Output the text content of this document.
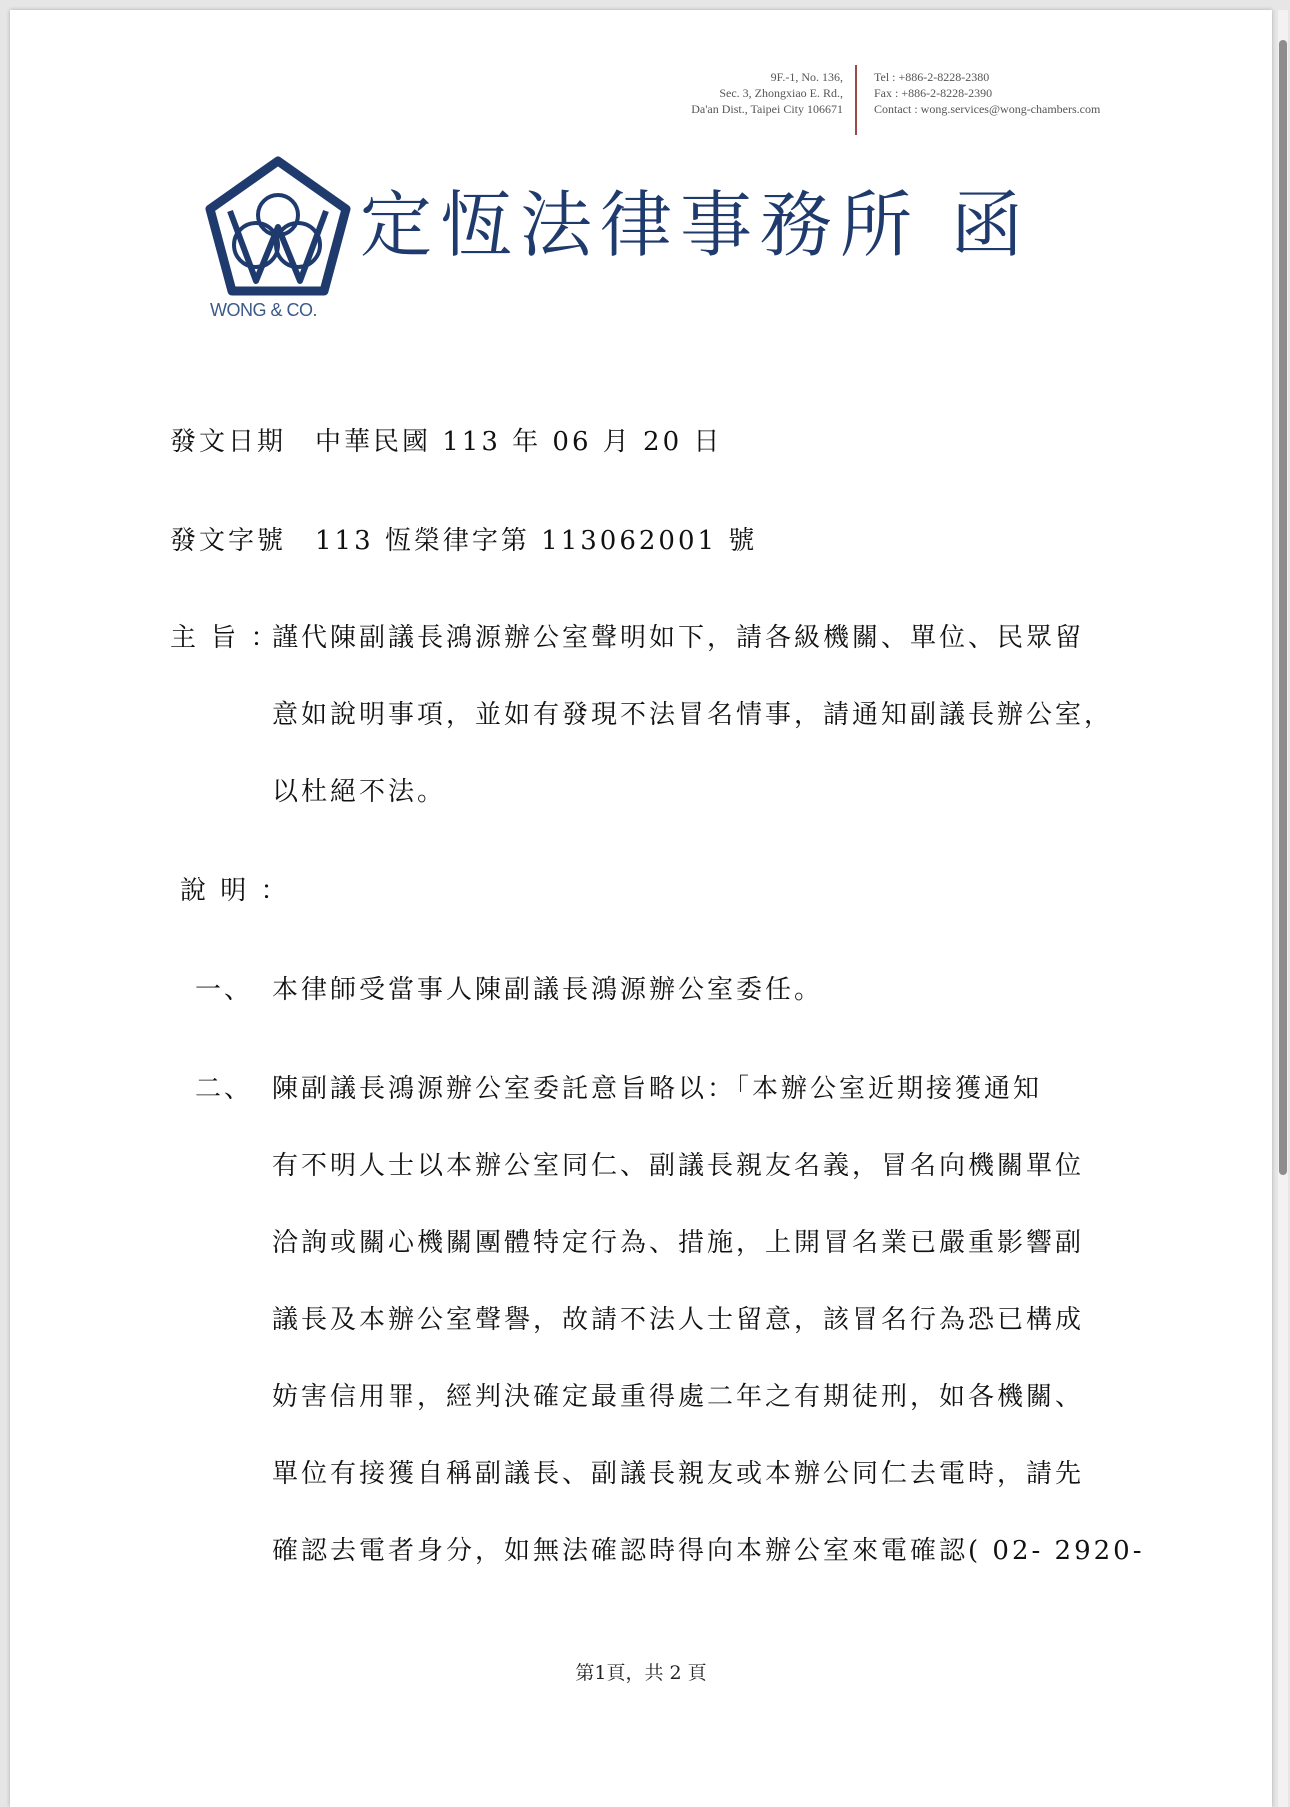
9F.-1, No. 136,
Sec. 3, Zhongxiao E. Rd.,
Da'an Dist., Taipei City 106671
Tel : +886-2-8228-2380
Fax : +886-2-8228-2390
Contact : wong.services@wong-chambers.com
WONG & CO.
定恆法律事務所 函
發文日期　中華民國 113 年 06 月 20 日
發文字號　113 恆榮律字第 113062001 號
主 旨 ：
謹代陳副議長鴻源辦公室聲明如下，請各級機關、單位、民眾留
意如說明事項，並如有發現不法冒名情事，請通知副議長辦公室，
以杜絕不法。
說 明 ：
一、 本律師受當事人陳副議長鴻源辦公室委任。
二、 陳副議長鴻源辦公室委託意旨略以：「本辦公室近期接獲通知
有不明人士以本辦公室同仁、副議長親友名義，冒名向機關單位
洽詢或關心機關團體特定行為、措施，上開冒名業已嚴重影響副
議長及本辦公室聲譽，故請不法人士留意，該冒名行為恐已構成
妨害信用罪，經判決確定最重得處二年之有期徒刑，如各機關、
單位有接獲自稱副議長、副議長親友或本辦公同仁去電時，請先
確認去電者身分，如無法確認時得向本辦公室來電確認( 02- 2920-
第1頁，共 2 頁
